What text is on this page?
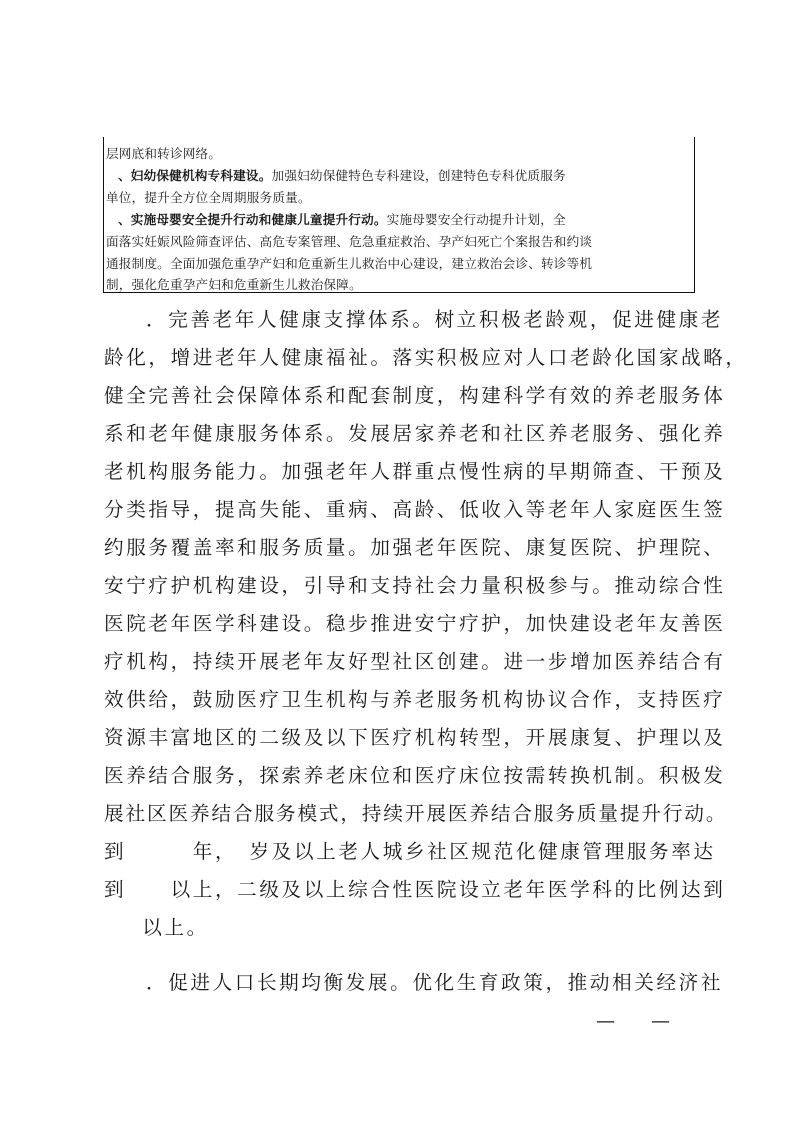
层网底和转诊网络。
、妇幼保健机构专科建设。加强妇幼保健特色专科建设，创建特色专科优质服务
单位，提升全方位全周期服务质量。
、实施母婴安全提升行动和健康儿童提升行动。实施母婴安全行动提升计划，全
面落实妊娠风险筛查评估、高危专案管理、危急重症救治、孕产妇死亡个案报告和约谈
通报制度。全面加强危重孕产妇和危重新生儿救治中心建设，建立救治会诊、转诊等机
制，强化危重孕产妇和危重新生儿救治保障。
．完善老年人健康支撑体系。树立积极老龄观，促进健康老
龄化，增进老年人健康福祉。落实积极应对人口老龄化国家战略，
健全完善社会保障体系和配套制度，构建科学有效的养老服务体
系和老年健康服务体系。发展居家养老和社区养老服务、强化养
老机构服务能力。加强老年人群重点慢性病的早期筛查、干预及
分类指导，提高失能、重病、高龄、低收入等老年人家庭医生签
约服务覆盖率和服务质量。加强老年医院、康复医院、护理院、
安宁疗护机构建设，引导和支持社会力量积极参与。推动综合性
医院老年医学科建设。稳步推进安宁疗护，加快建设老年友善医
疗机构，持续开展老年友好型社区创建。进一步增加医养结合有
效供给，鼓励医疗卫生机构与养老服务机构协议合作，支持医疗
资源丰富地区的二级及以下医疗机构转型，开展康复、护理以及
医养结合服务，探索养老床位和医疗床位按需转换机制。积极发
展社区医养结合服务模式，持续开展医养结合服务质量提升行动。
到　　　年，　岁及以上老人城乡社区规范化健康管理服务率达
到　　以上，二级及以上综合性医院设立老年医学科的比例达到
　以上。
．促进人口长期均衡发展。优化生育政策，推动相关经济社
— —
